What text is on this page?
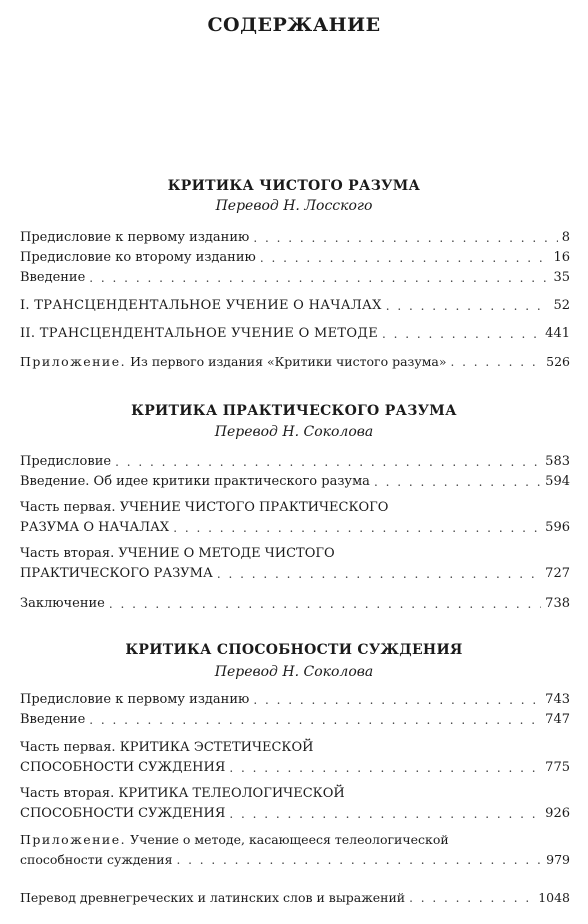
СОДЕРЖАНИЕ
КРИТИКА ЧИСТОГО РАЗУМА
Перевод Н. Лосского
Предисловие к первому изданию . . .	8
Предисловие ко второму изданию . . .	16
Введение . . .	35
I. ТРАНСЦЕНДЕНТАЛЬНОЕ УЧЕНИЕ О НАЧАЛАХ . . .	52
II. ТРАНСЦЕНДЕНТАЛЬНОЕ УЧЕНИЕ О МЕТОДЕ . . .	441
Приложение. Из первого издания «Критики чистого разума» . . .	526
КРИТИКА ПРАКТИЧЕСКОГО РАЗУМА
Перевод Н. Соколова
Предисловие . . .	583
Введение. Об идее критики практического разума . . .	594
Часть первая. УЧЕНИЕ ЧИСТОГО ПРАКТИЧЕСКОГО
РАЗУМА О НАЧАЛАХ . . .	596
Часть вторая. УЧЕНИЕ О МЕТОДЕ ЧИСТОГО
ПРАКТИЧЕСКОГО РАЗУМА . . .	727
Заключение . . .	738
КРИТИКА СПОСОБНОСТИ СУЖДЕНИЯ
Перевод Н. Соколова
Предисловие к первому изданию . . .	743
Введение . . .	747
Часть первая. КРИТИКА ЭСТЕТИЧЕСКОЙ
СПОСОБНОСТИ СУЖДЕНИЯ . . .	775
Часть вторая. КРИТИКА ТЕЛЕОЛОГИЧЕСКОЙ
СПОСОБНОСТИ СУЖДЕНИЯ . . .	926
Приложение. Учение о методе, касающееся телеологической
способности суждения . . .	979
Перевод древнегреческих и латинских слов и выражений . . .	1048
